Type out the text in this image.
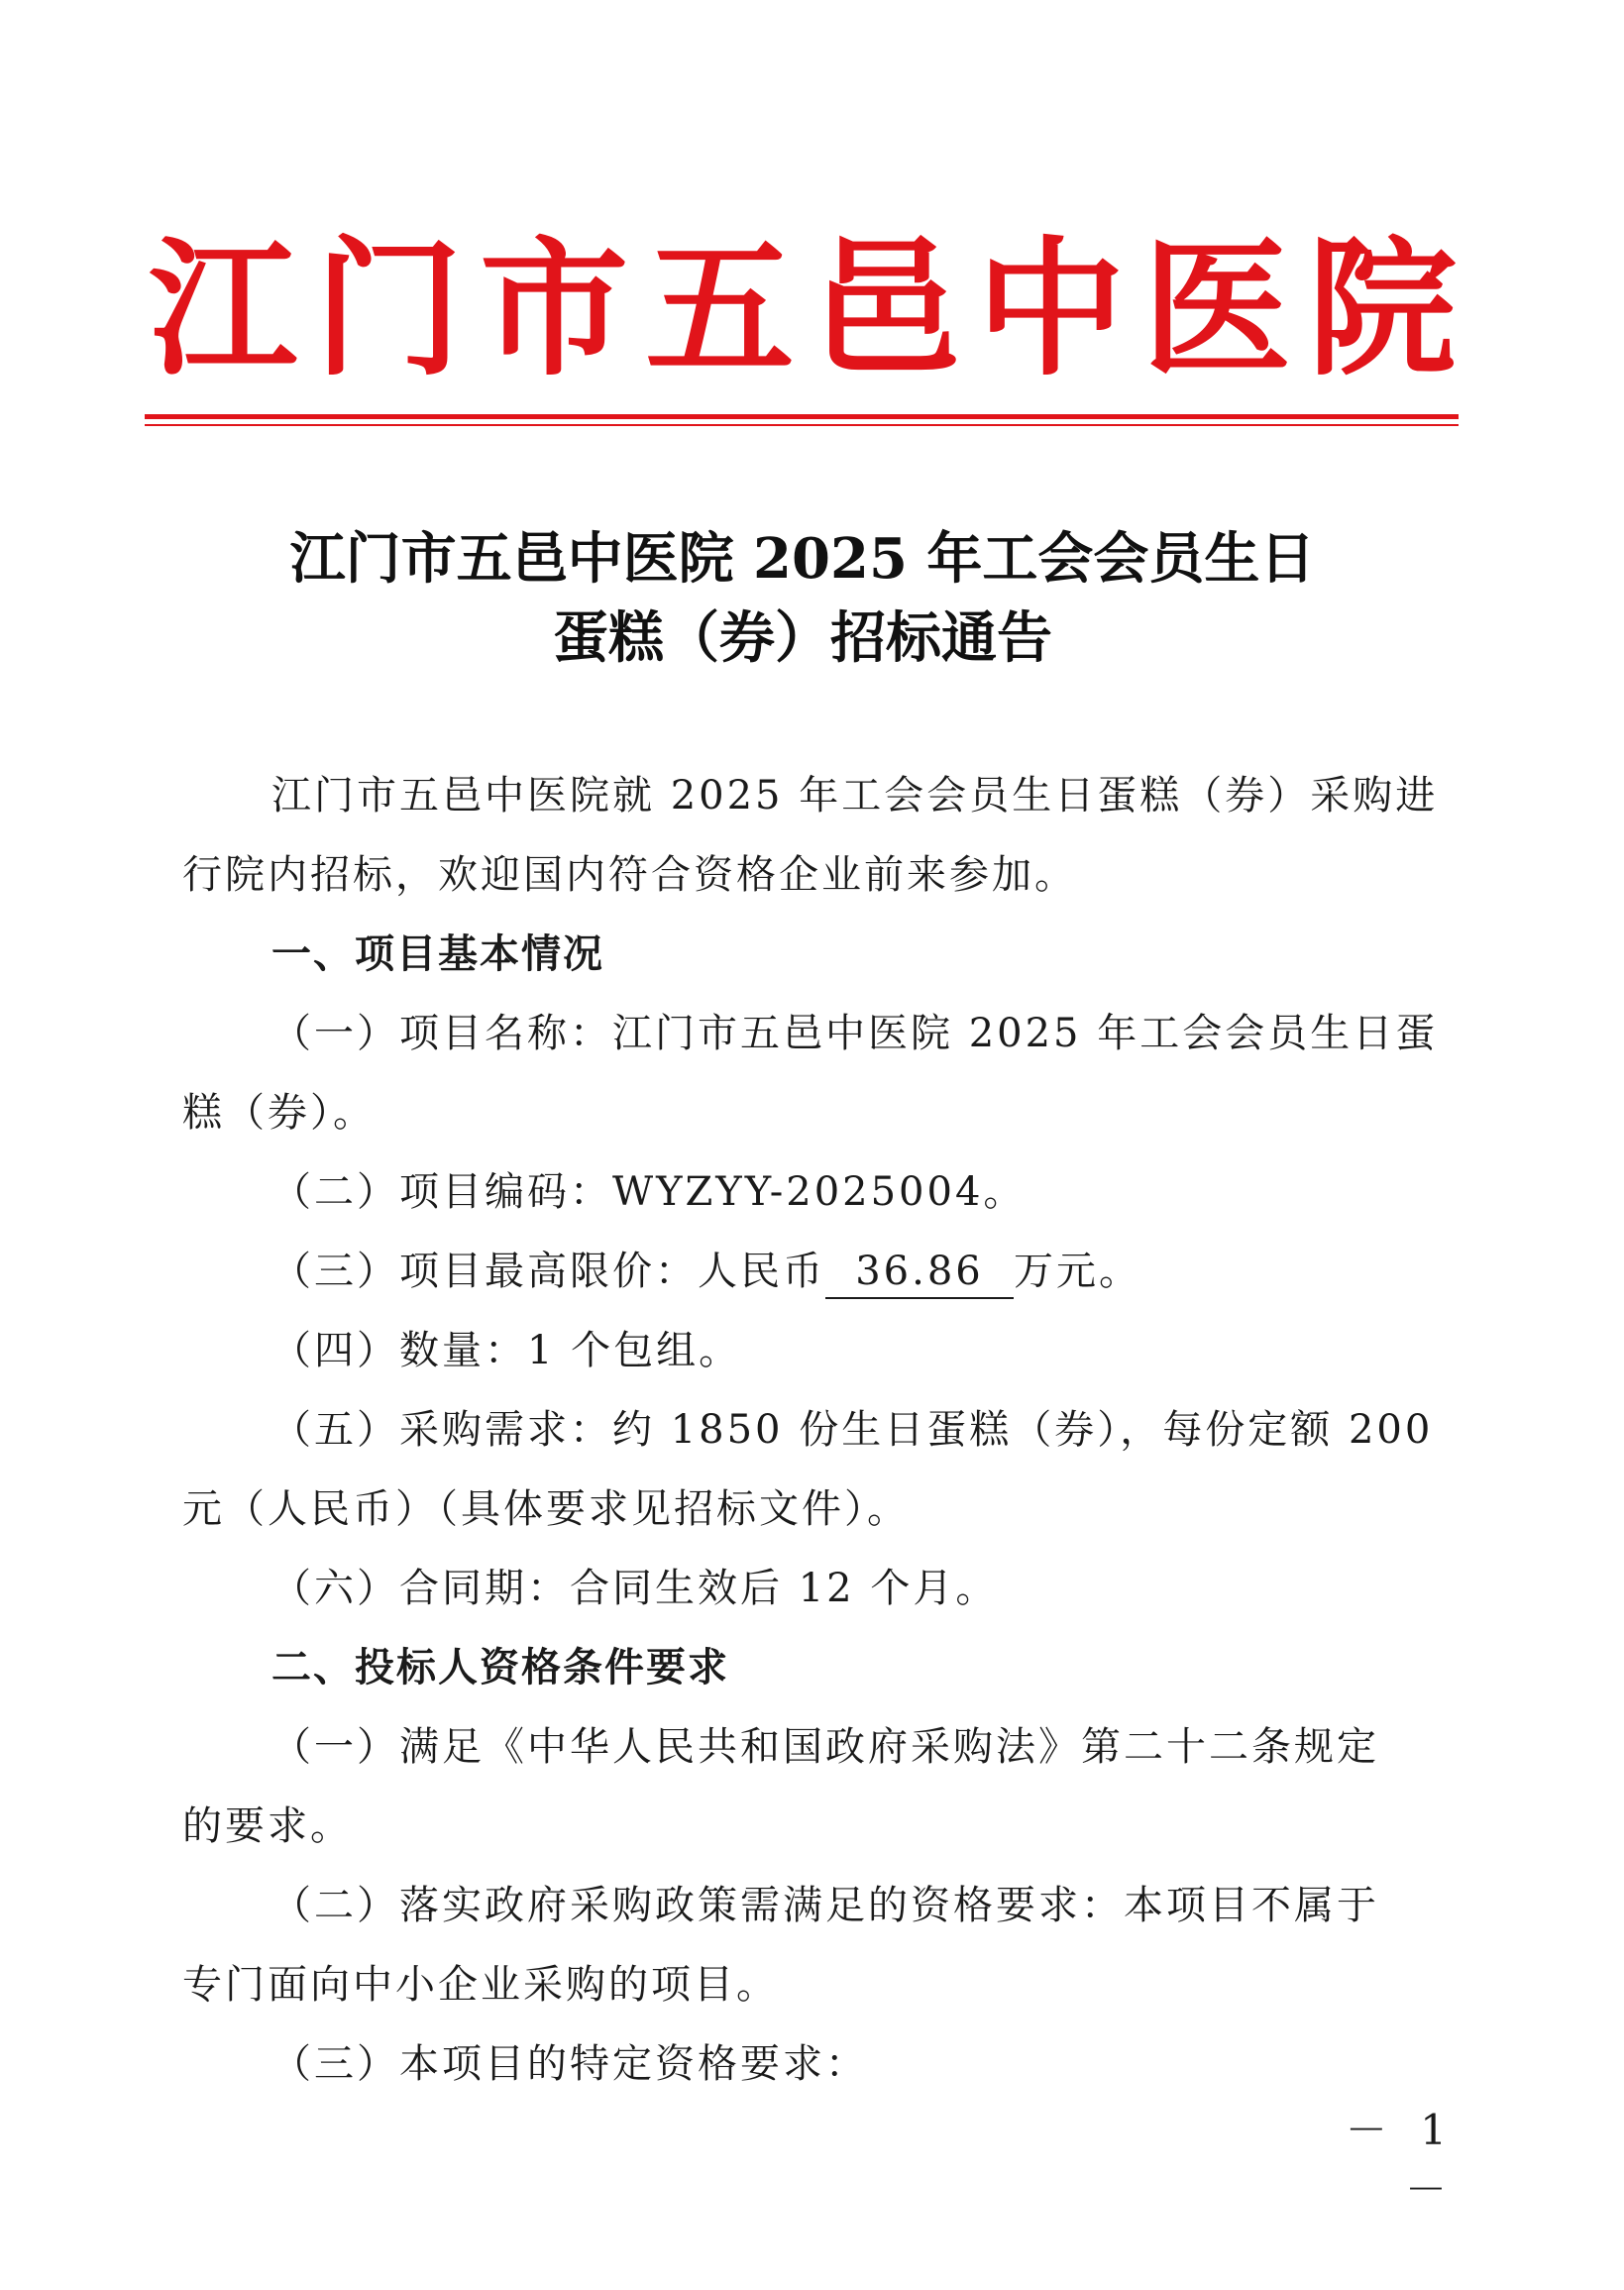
江 门 市 五 邑 中 医 院
江门市五邑中医院 2025 年工会会员生日
蛋糕（券）招标通告
江门市五邑中医院就 2025 年工会会员生日蛋糕（券）采购进
行院内招标，欢迎国内符合资格企业前来参加。
一、项目基本情况
（一）项目名称：江门市五邑中医院 2025 年工会会员生日蛋
糕（券）。
（二）项目编码：WYZYY-2025004。
（三）项目最高限价：人民币 36.86 万元。
（四）数量：1 个包组。
（五）采购需求：约 1850 份生日蛋糕（券），每份定额 200
元（人民币）（具体要求见招标文件）。
（六）合同期：合同生效后 12 个月。
二、投标人资格条件要求
（一）满足《中华人民共和国政府采购法》第二十二条规定
的要求。
（二）落实政府采购政策需满足的资格要求：本项目不属于
专门面向中小企业采购的项目。
（三）本项目的特定资格要求：
－ 1 －
